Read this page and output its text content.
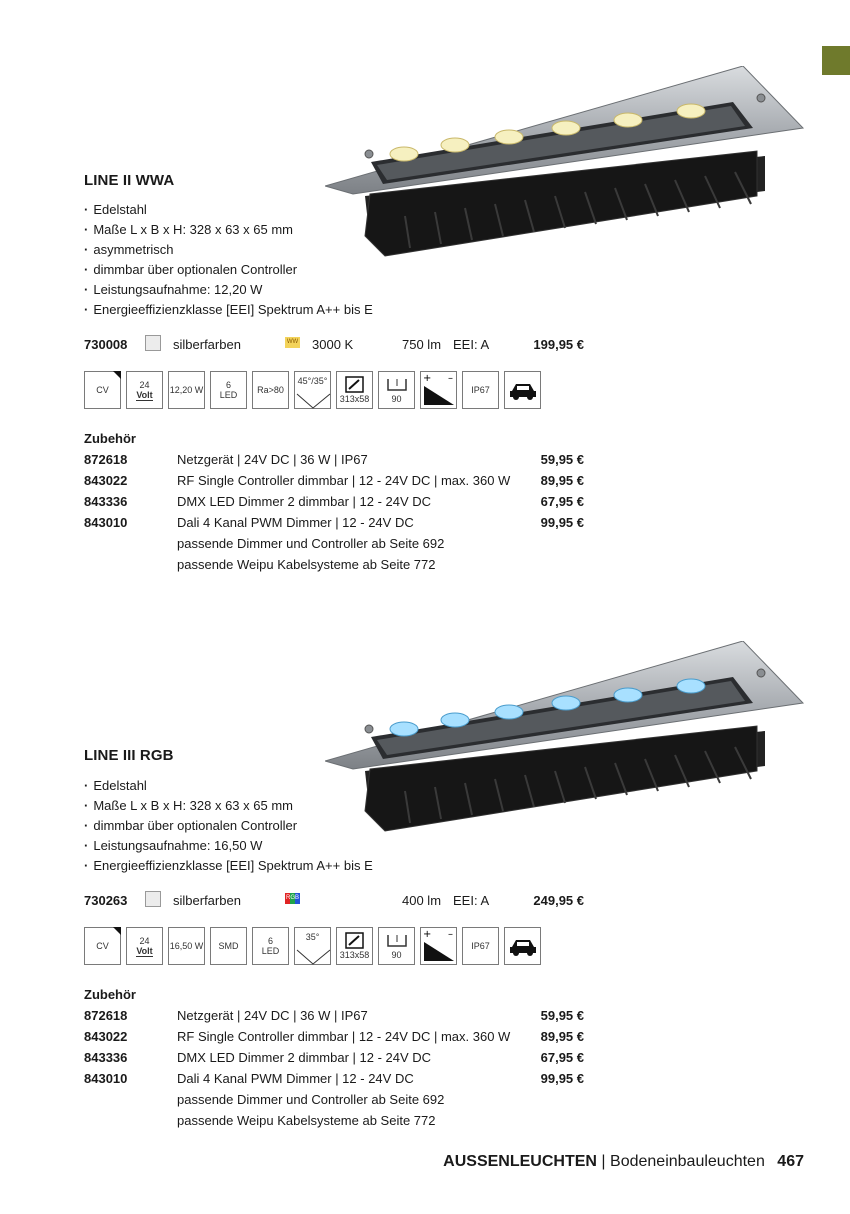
LINE II WWA
· Edelstahl
· Maße L x B x H: 328 x 63 x 65 mm
· asymmetrisch
· dimmbar über optionalen Controller
· Leistungsaufnahme: 12,20 W
· Energieeffizienzklasse [EEI] Spektrum A++ bis E
730008	silberfarben	WW 3000 K	750 lm EEI: A	199,95 €
CV
24
Volt 12,20 W	6
LED Ra>80
45°/35°
313x58 90
+ –
IP67
Zubehör
872618	Netzgerät | 24V DC | 36 W | IP67	59,95 €
843022	RF Single Controller dimmbar | 12 - 24V DC | max. 360 W 89,95 €
843336	DMX LED Dimmer 2 dimmbar | 12 - 24V DC	67,95 €
843010	Dali 4 Kanal PWM Dimmer | 12 - 24V DC	99,95 €
passende Dimmer und Controller ab Seite 692
passende Weipu Kabelsysteme ab Seite 772
LINE III RGB
· Edelstahl
· Maße L x B x H: 328 x 63 x 65 mm
· dimmbar über optionalen Controller
· Leistungsaufnahme: 16,50 W
· Energieeffizienzklasse [EEI] Spektrum A++ bis E
730263	silberfarben	RGB	400 lm EEI: A	249,95 €
CV
24
Volt 16,50 W SMD	6
LED
35°
313x58 90
+ –
IP67
Zubehör
872618	Netzgerät | 24V DC | 36 W | IP67	59,95 €
843022	RF Single Controller dimmbar | 12 - 24V DC | max. 360 W 89,95 €
843336	DMX LED Dimmer 2 dimmbar | 12 - 24V DC	67,95 €
843010	Dali 4 Kanal PWM Dimmer | 12 - 24V DC	99,95 €
passende Dimmer und Controller ab Seite 692
passende Weipu Kabelsysteme ab Seite 772
AUSSENLEUCHTEN | Bodeneinbauleuchten 467
